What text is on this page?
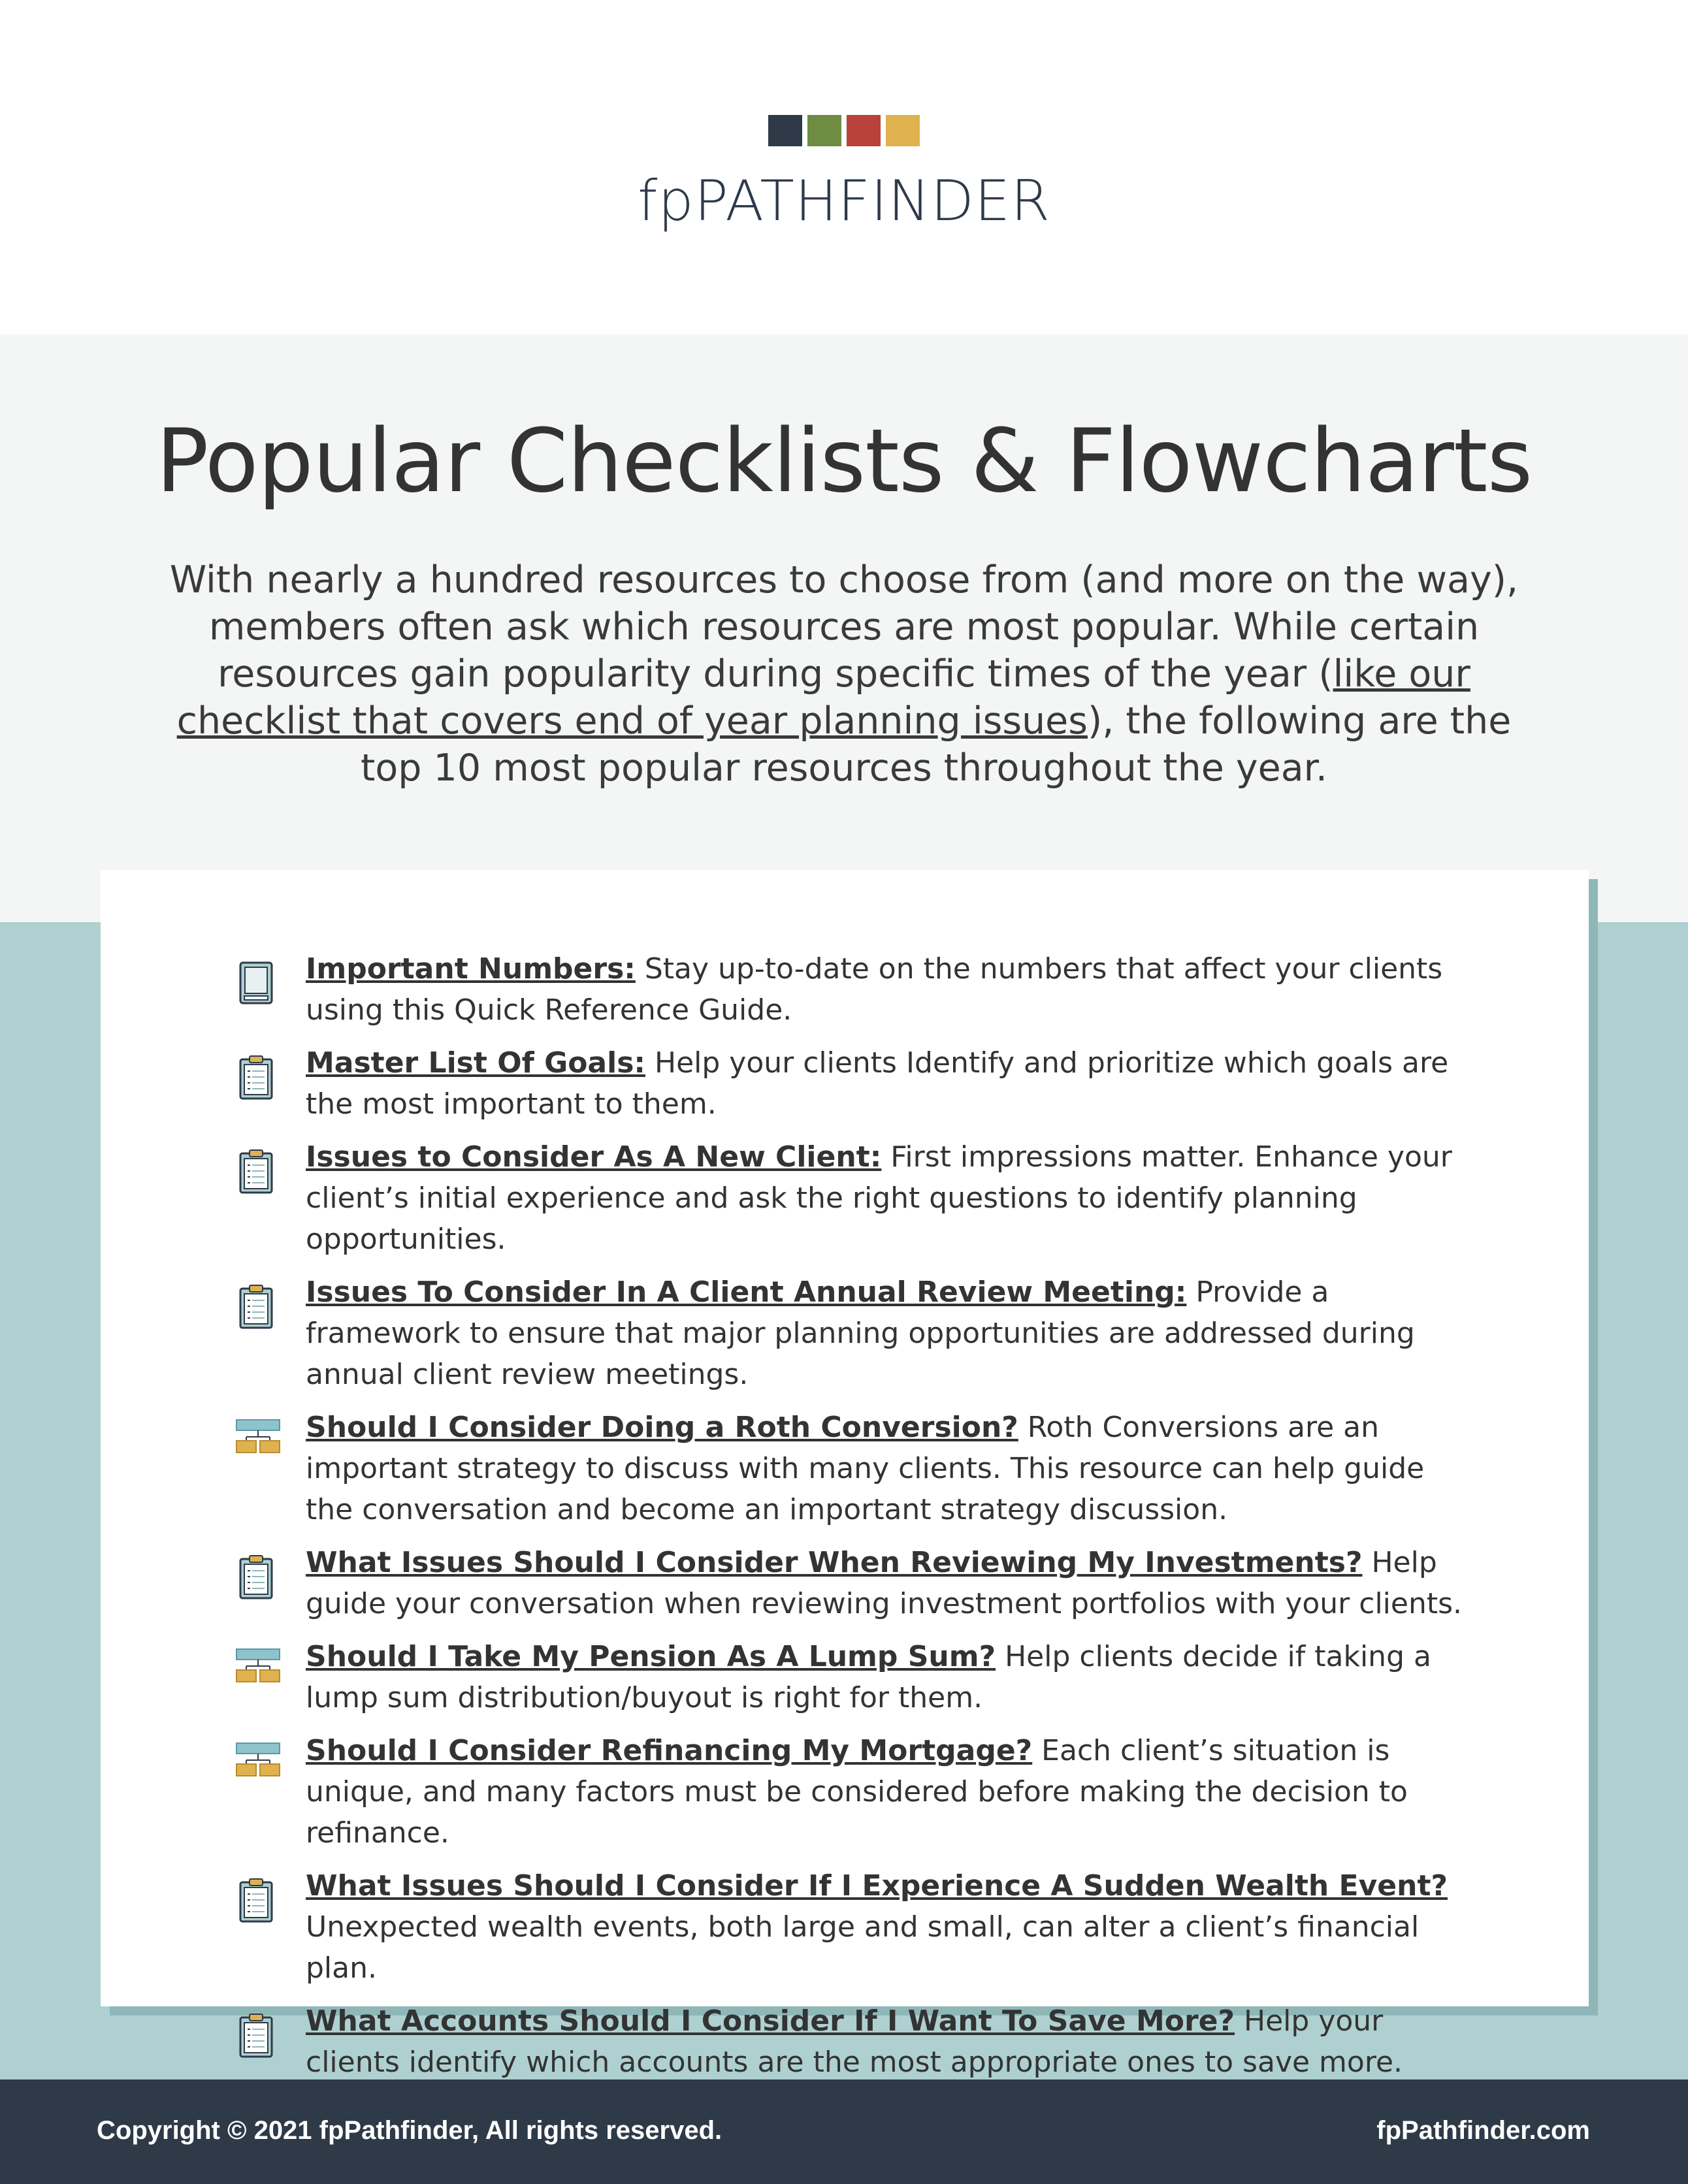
fpPATHFINDER
Popular Checklists & Flowcharts

With nearly a hundred resources to choose from (and more on the way), members often ask which resources are most popular. While certain resources gain popularity during specific times of the year (like our checklist that covers end of year planning issues), the following are the top 10 most popular resources throughout the year.

Important Numbers: Stay up-to-date on the numbers that affect your clients using this Quick Reference Guide.
Master List Of Goals: Help your clients Identify and prioritize which goals are the most important to them.
Issues to Consider As A New Client: First impressions matter. Enhance your client’s initial experience and ask the right questions to identify planning opportunities.
Issues To Consider In A Client Annual Review Meeting: Provide a framework to ensure that major planning opportunities are addressed during annual client review meetings.
Should I Consider Doing a Roth Conversion? Roth Conversions are an important strategy to discuss with many clients. This resource can help guide the conversation and become an important strategy discussion.
What Issues Should I Consider When Reviewing My Investments? Help guide your conversation when reviewing investment portfolios with your clients.
Should I Take My Pension As A Lump Sum? Help clients decide if taking a lump sum distribution/buyout is right for them.
Should I Consider Refinancing My Mortgage? Each client’s situation is unique, and many factors must be considered before making the decision to refinance.
What Issues Should I Consider If I Experience A Sudden Wealth Event? Unexpected wealth events, both large and small, can alter a client’s financial plan.
What Accounts Should I Consider If I Want To Save More? Help your clients identify which accounts are the most appropriate ones to save more.
Copyright © 2021 fpPathfinder, All rights reserved.	fpPathfinder.com
